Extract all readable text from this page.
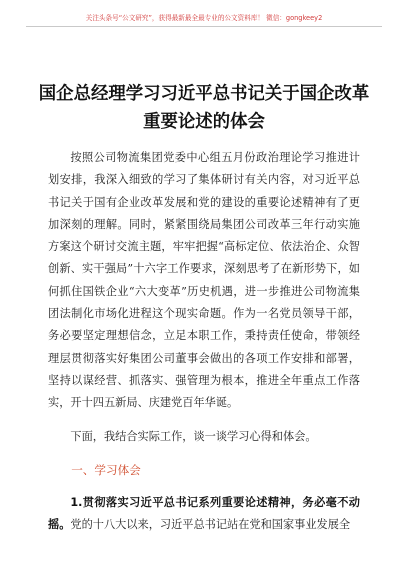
关注头条号“公文研究”，获得最新最全最专业的公文资料库！ 微信：gongkeey2
国企总经理学习习近平总书记关于国企改革重要论述的体会

按照公司物流集团党委中心组五月份政治理论学习推进计划安排，我深入细致的学习了集体研讨有关内容，对习近平总书记关于国有企业改革发展和党的建设的重要论述精神有了更加深刻的理解。同时，紧紧围绕局集团公司改革三年行动实施方案这个研讨交流主题，牢牢把握“高标定位、依法治企、众智创新、实干强局”十六字工作要求，深刻思考了在新形势下，如何抓住国铁企业“六大变革”历史机遇，进一步推进公司物流集团法制化市场化进程这个现实命题。作为一名党员领导干部，务必要坚定理想信念，立足本职工作，秉持责任使命，带领经理层贯彻落实好集团公司董事会做出的各项工作安排和部署，坚持以谋经营、抓落实、强管理为根本，推进全年重点工作落实，开十四五新局、庆建党百年华诞。

下面，我结合实际工作，谈一谈学习心得和体会。

一、学习体会

1.贯彻落实习近平总书记系列重要论述精神，务必毫不动摇。党的十八大以来，习近平总书记站在党和国家事业发展全
